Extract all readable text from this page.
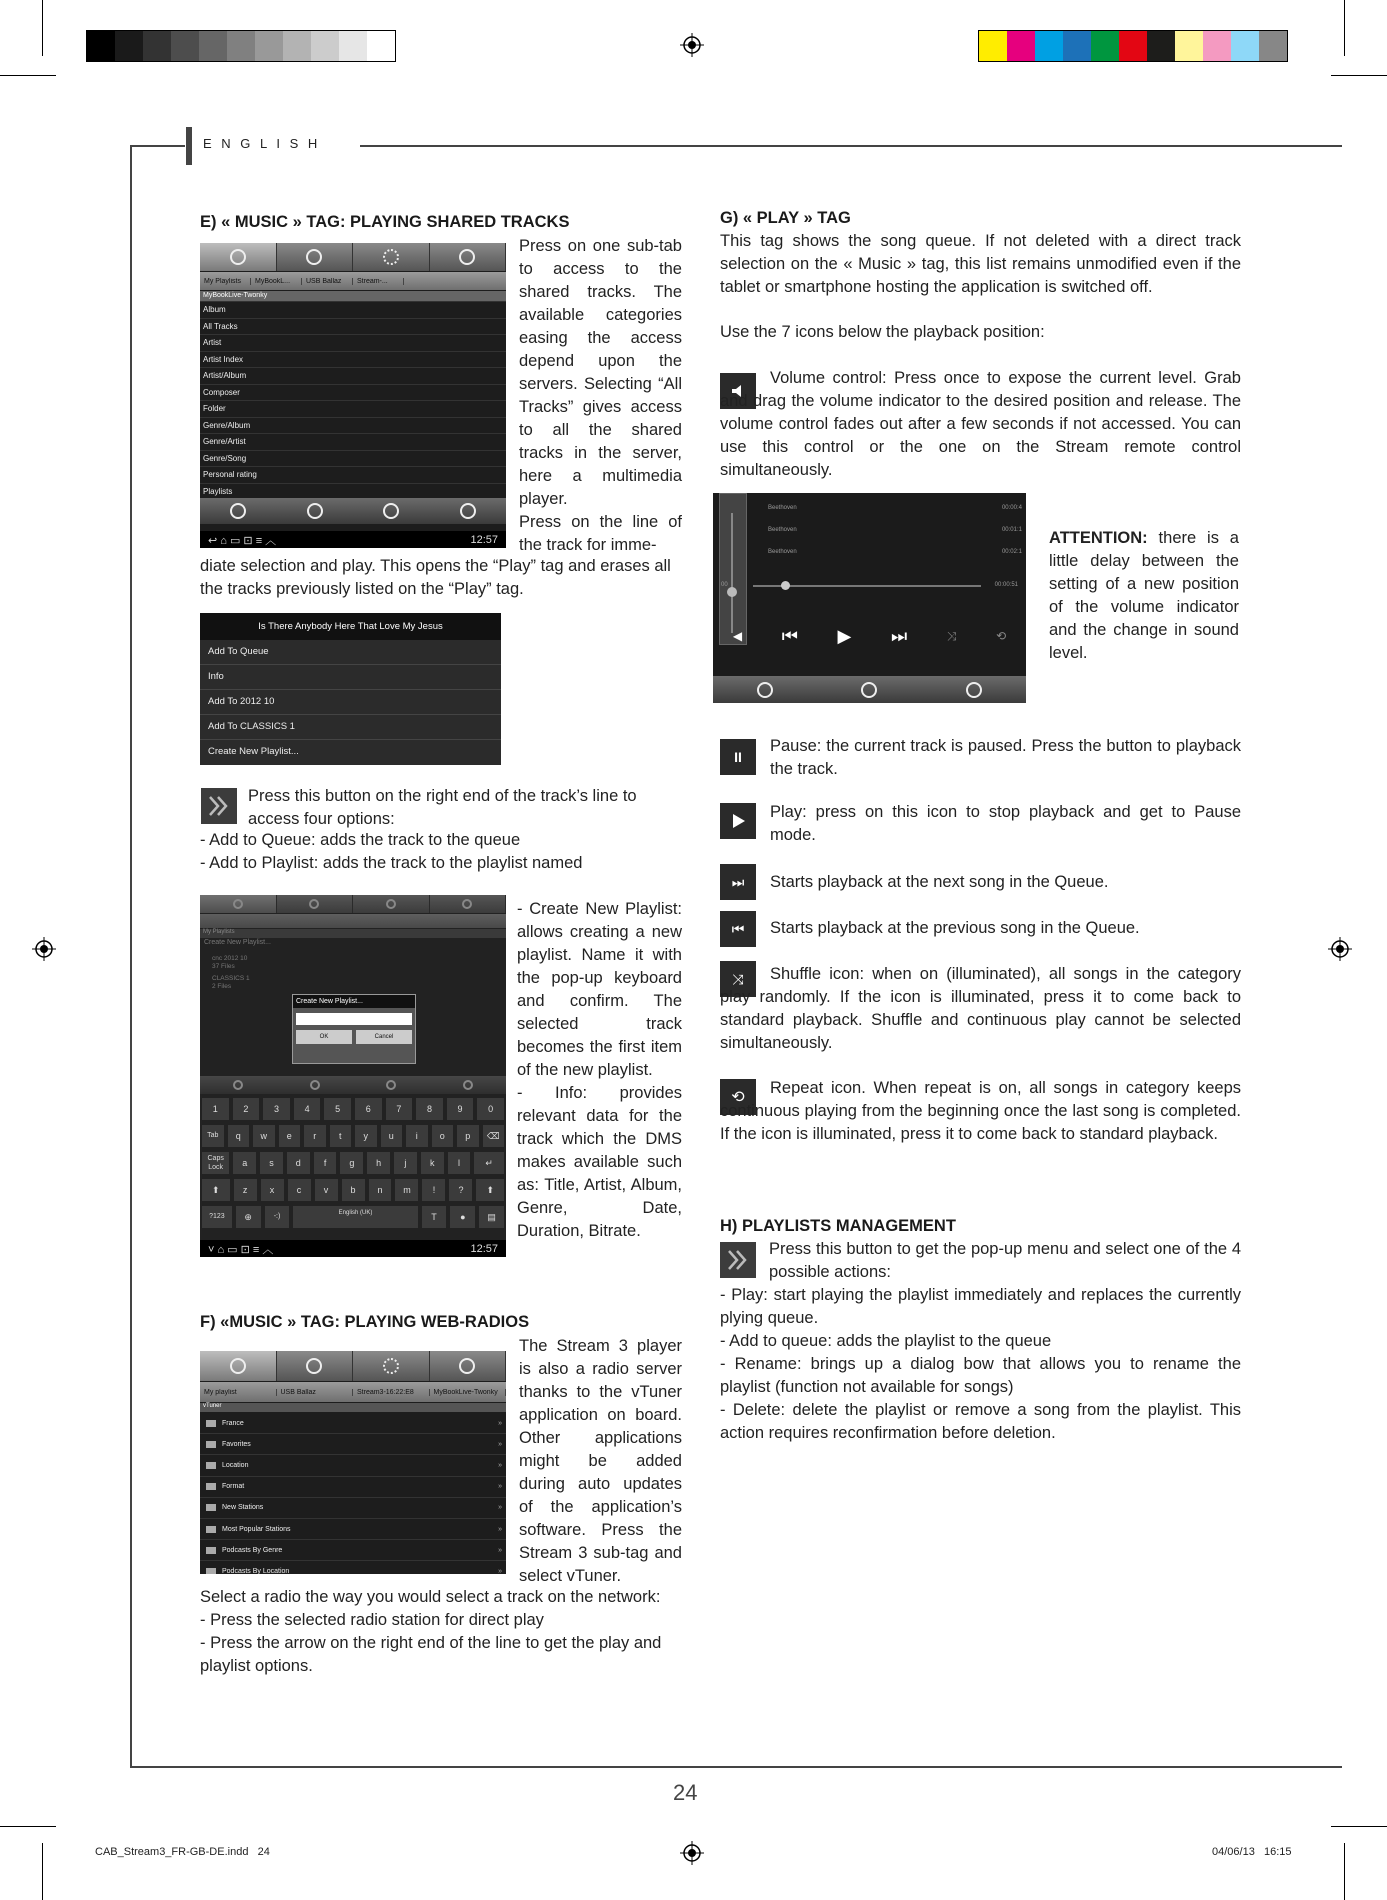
E N G L I S H
E) « MUSIC » TAG: PLAYING SHARED TRACKS
My Playlists	MyBookL...	USB Ballaz	Stream-...
MyBookLive-Twonky
Album
All Tracks
Artist
Artist Index
Artist/Album
Composer
Folder
Genre/Album
Genre/Artist
Genre/Song
Personal rating
Playlists
↩ ⌂ ▭ ⊡ ≡ ︿	12:57
Press on one sub-tab to access to the shared tracks. The available categories easing the access depend upon the servers. Selecting “All Tracks” gives access to all the shared tracks in the server, here a multimedia player.
Press on the line of the track for imme-
diate selection and play. This opens the “Play” tag and erases all the tracks previously listed on the “Play” tag.
Is There Anybody Here That Love My Jesus
Add To Queue
Info
Add To 2012 10
Add To CLASSICS 1
Create New Playlist...
Press this button on the right end of the track’s line to access four options:
- Add to Queue: adds the track to the queue
- Add to Playlist: adds the track to the playlist named
My Playlists
Create New Playlist...
cnc 2012 10
37 Files
CLASSICS 1
2 Files
Create New Playlist...
OK	Cancel
1	2	3	4	5	6	7	8	9	0
Tab	q	w	e	r	t	y	u	i	o	p	⌫
Caps Lock	a	s	d	f	g	h	j	k	l	↵
⬆	z	x	c	v	b	n	m	!	?	⬆
?123	⊕	-:)	English (UK)	T	●	▤
˅ ⌂ ▭ ⊡ ≡ ︿	12:57
- Create New Playlist: allows creating a new playlist. Name it with the pop-up keyboard and confirm. The selected track becomes the first item of the new playlist.
- Info: provides relevant data for the track which the DMS makes available such as: Title, Artist, Album, Genre, Date, Duration, Bitrate.
F) «MUSIC » TAG: PLAYING WEB-RADIOS
The Stream 3 player is also a radio server thanks to the vTuner application on board. Other applications might be added during auto updates of the application’s software. Press the Stream 3 sub-tag and select vTuner.
My playlist	USB Ballaz	Stream3-16:22:E8	MyBookLive-Twonky
vTuner
France	»
Favorites	»
Location	»
Format	»
New Stations	»
Most Popular Stations	»
Podcasts By Genre	»
Podcasts By Location	»
Select a radio the way you would select a track on the network:
- Press the selected radio station for direct play
- Press the arrow on the right end of the line to get the play and playlist options.
G) « PLAY » TAG
This tag shows the song queue. If not deleted with a direct track selection on the « Music » tag, this list remains unmodified even if the tablet or smartphone hosting the application is switched off.
Use the 7 icons below the playback position:
Volume control: Press once to expose the current level. Grab and drag the volume indicator to the desired position and release. The volume control fades out after a few seconds if not accessed. You can use this control or the one on the Stream remote control simultaneously.
Beethoven	00:00:4
Beethoven	00:01:1
Beethoven	00:02:1
00	00:00:51
◀ ⏮ ▶ ⏭	⤨	⟲
ATTENTION: there is a little delay between the setting of a new position of the volume indicator and the change in sound level.
II
Pause: the current track is paused. Press the button to playback the track.
Play: press on this icon to stop playback and get to Pause mode.
⏭ Starts playback at the next song in the Queue.
⏮ Starts playback at the previous song in the Queue.
⤨	Shuffle icon: when on (illuminated), all songs in the category play randomly. If the icon is illuminated, press it to come back to standard playback. Shuffle and continuous play cannot be selected simultaneously.
⟲
Repeat icon. When repeat is on, all songs in category keeps continuous playing from the beginning once the last song is completed. If the icon is illuminated, press it to come back to standard playback.
H) PLAYLISTS MANAGEMENT
Press this button to get the pop-up menu and select one of the 4 possible actions:
- Play: start playing the playlist immediately and replaces the currently plying queue.
- Add to queue: adds the playlist to the queue
- Rename: brings up a dialog bow that allows you to rename the playlist (function not available for songs)
- Delete: delete the playlist or remove a song from the playlist. This action requires reconfirmation before deletion.
24
CAB_Stream3_FR-GB-DE.indd   24	04/06/13   16:15
